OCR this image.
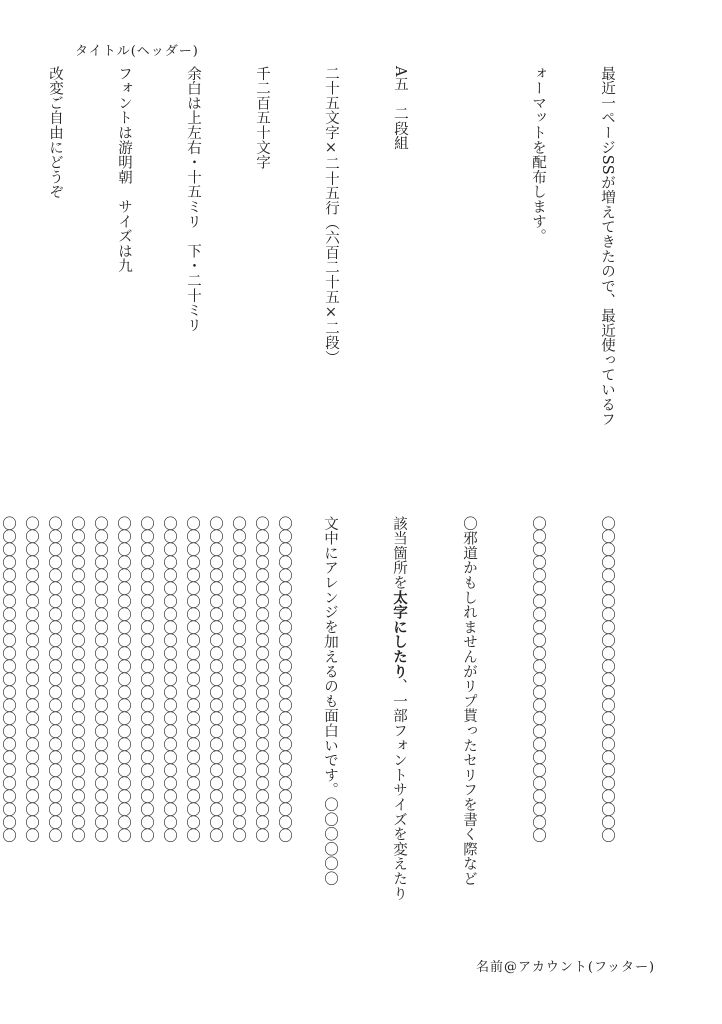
タイトル(ヘッダー)

最近一ページSSが増えてきたので、最近使っているフ

ォーマットを配布します。

A五　二段組

二十五文字×二十五行（六百二十五×二段）

千二百五十文字

余白は上左右・十五ミリ　下・二十ミリ

フォントは游明朝　サイズは九

改変ご自由にどうぞ

〇〇〇〇〇〇〇〇〇〇〇〇〇〇〇〇〇〇〇〇〇〇〇〇〇

〇〇〇〇〇〇〇〇〇〇〇〇〇〇〇〇〇〇〇〇〇〇〇〇〇

〇邪道かもしれませんがリプ貰ったセリフを書く際など

該当箇所を太字にしたり、一部フォントサイズを変えたり

文中にアレンジを加えるのも面白いです。〇〇〇〇〇〇

〇〇〇〇〇〇〇〇〇〇〇〇〇〇〇〇〇〇〇〇〇〇〇〇〇
〇〇〇〇〇〇〇〇〇〇〇〇〇〇〇〇〇〇〇〇〇〇〇〇〇
〇〇〇〇〇〇〇〇〇〇〇〇〇〇〇〇〇〇〇〇〇〇〇〇〇
〇〇〇〇〇〇〇〇〇〇〇〇〇〇〇〇〇〇〇〇〇〇〇〇〇
〇〇〇〇〇〇〇〇〇〇〇〇〇〇〇〇〇〇〇〇〇〇〇〇〇
〇〇〇〇〇〇〇〇〇〇〇〇〇〇〇〇〇〇〇〇〇〇〇〇〇
〇〇〇〇〇〇〇〇〇〇〇〇〇〇〇〇〇〇〇〇〇〇〇〇〇
〇〇〇〇〇〇〇〇〇〇〇〇〇〇〇〇〇〇〇〇〇〇〇〇〇
〇〇〇〇〇〇〇〇〇〇〇〇〇〇〇〇〇〇〇〇〇〇〇〇〇
〇〇〇〇〇〇〇〇〇〇〇〇〇〇〇〇〇〇〇〇〇〇〇〇〇
〇〇〇〇〇〇〇〇〇〇〇〇〇〇〇〇〇〇〇〇〇〇〇〇〇
〇〇〇〇〇〇〇〇〇〇〇〇〇〇〇〇〇〇〇〇〇〇〇〇〇
〇〇〇〇〇〇〇〇〇〇〇〇〇〇〇〇〇〇〇〇〇〇〇〇〇
名前@アカウント(フッター)
